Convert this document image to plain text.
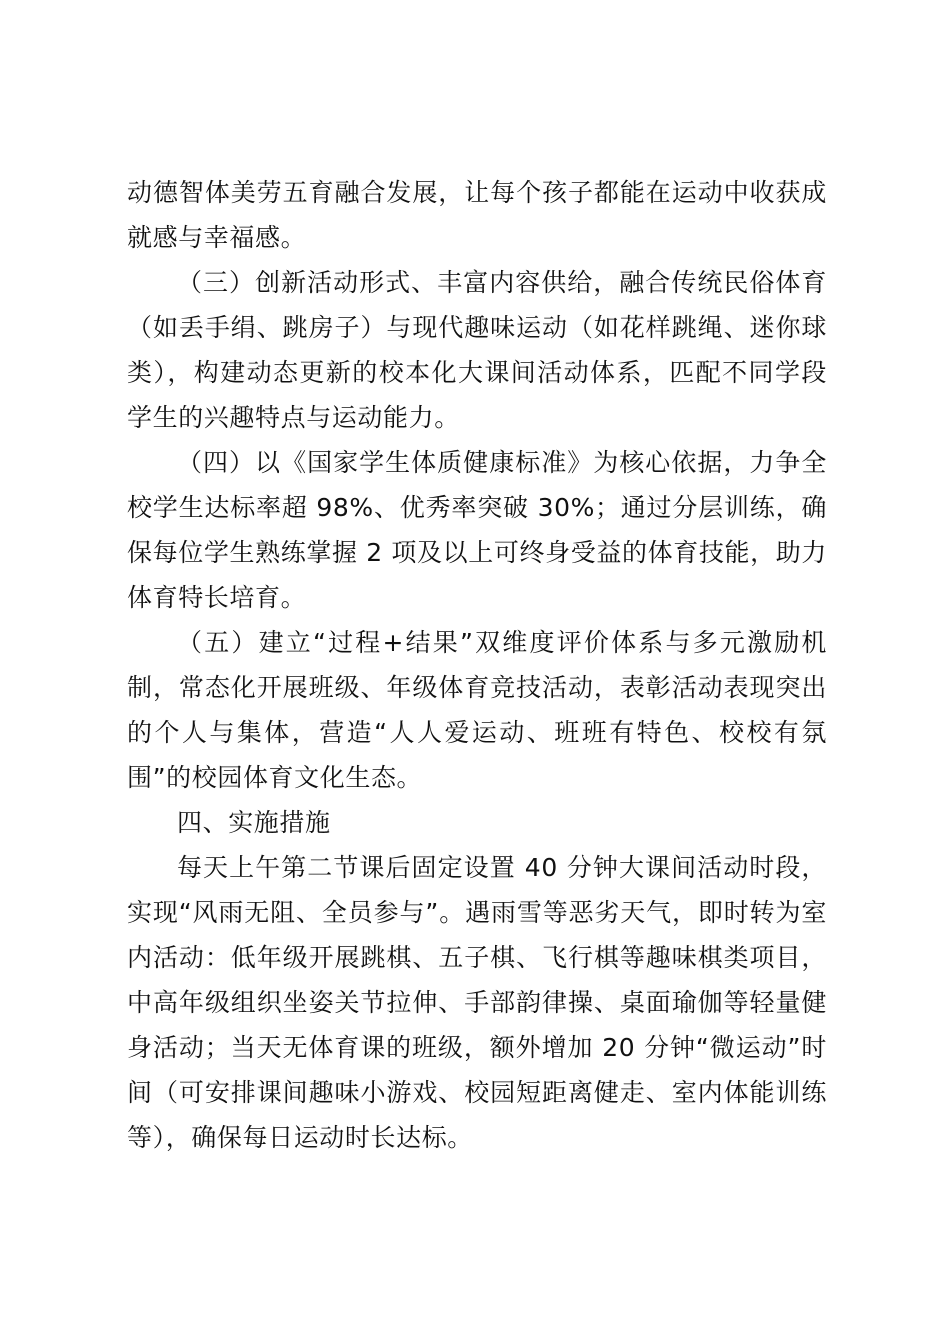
动德智体美劳五育融合发展，让每个孩子都能在运动中收获成就感与幸福感。

（三）创新活动形式、丰富内容供给，融合传统民俗体育（如丢手绢、跳房子）与现代趣味运动（如花样跳绳、迷你球类），构建动态更新的校本化大课间活动体系，匹配不同学段学生的兴趣特点与运动能力。

（四）以《国家学生体质健康标准》为核心依据，力争全校学生达标率超 98%、优秀率突破 30%；通过分层训练，确保每位学生熟练掌握 2 项及以上可终身受益的体育技能，助力体育特长培育。

（五）建立“过程+结果”双维度评价体系与多元激励机制，常态化开展班级、年级体育竞技活动，表彰活动表现突出的个人与集体，营造“人人爱运动、班班有特色、校校有氛围”的校园体育文化生态。

四、实施措施

每天上午第二节课后固定设置 40 分钟大课间活动时段，实现“风雨无阻、全员参与”。遇雨雪等恶劣天气，即时转为室内活动：低年级开展跳棋、五子棋、飞行棋等趣味棋类项目，中高年级组织坐姿关节拉伸、手部韵律操、桌面瑜伽等轻量健身活动；当天无体育课的班级，额外增加 20 分钟“微运动”时间（可安排课间趣味小游戏、校园短距离健走、室内体能训练等），确保每日运动时长达标。
